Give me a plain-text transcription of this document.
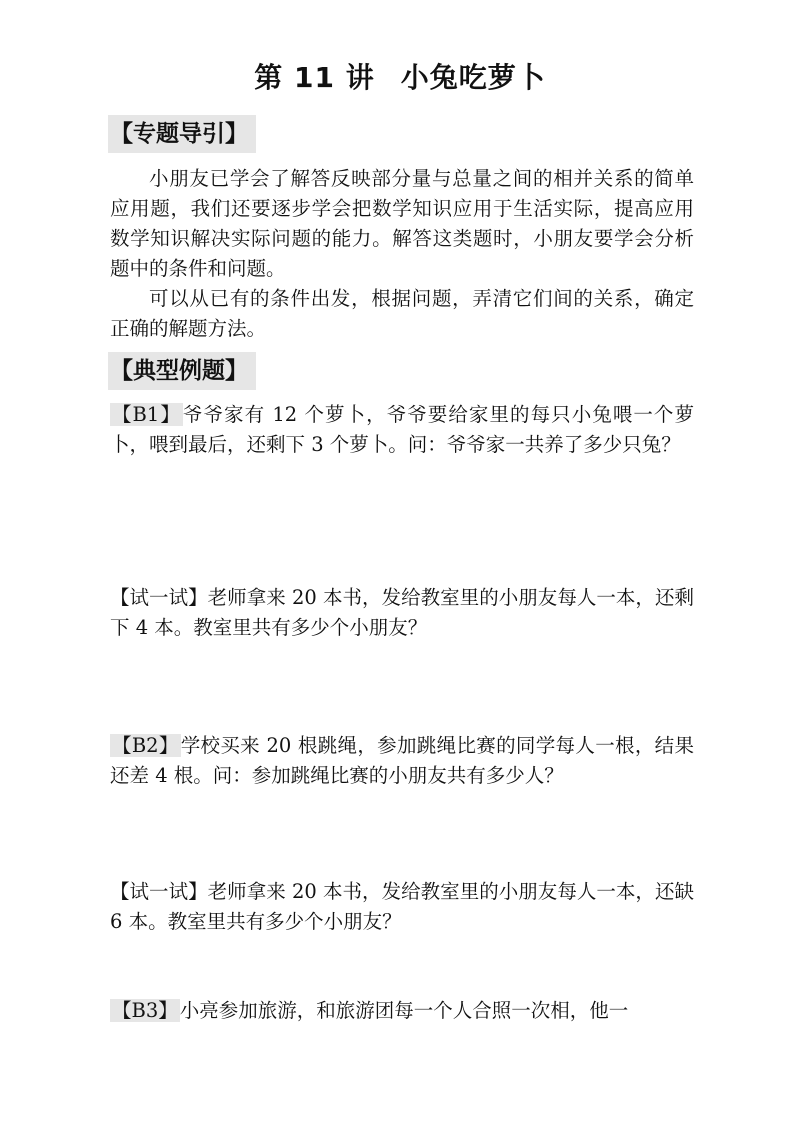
第 11 讲 小兔吃萝卜
【专题导引】
小朋友已学会了解答反映部分量与总量之间的相并关系的简单应用题，我们还要逐步学会把数学知识应用于生活实际，提高应用数学知识解决实际问题的能力。解答这类题时，小朋友要学会分析题中的条件和问题。
可以从已有的条件出发，根据问题，弄清它们间的关系，确定正确的解题方法。
【典型例题】
【B1】 爷爷家有 12 个萝卜，爷爷要给家里的每只小兔喂一个萝卜，喂到最后，还剩下 3 个萝卜。问：爷爷家一共养了多少只兔？
【试一试】老师拿来 20 本书，发给教室里的小朋友每人一本，还剩下 4 本。教室里共有多少个小朋友？
【B2】 学校买来 20 根跳绳，参加跳绳比赛的同学每人一根，结果还差 4 根。问：参加跳绳比赛的小朋友共有多少人？
【试一试】老师拿来 20 本书，发给教室里的小朋友每人一本，还缺 6 本。教室里共有多少个小朋友？
【B3】 小亮参加旅游，和旅游团每一个人合照一次相，他一
